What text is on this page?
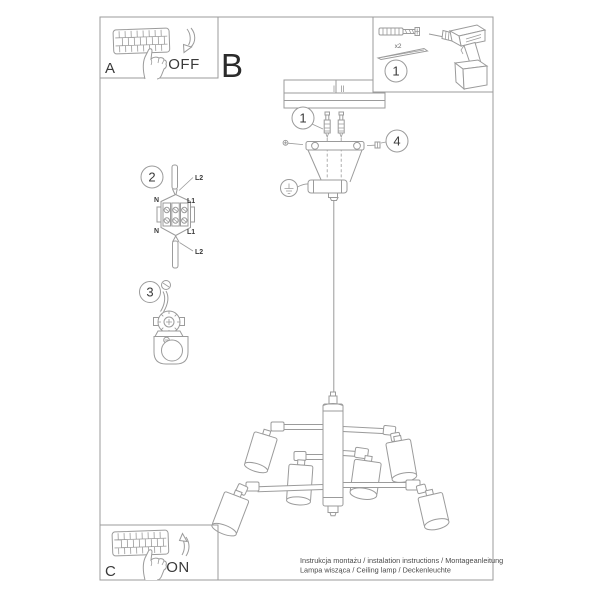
A	OFF B
x2
1
1
4
2	L2
N	L1
N	L1
L2
3
C	ON	Instrukcja montażu / instalation instructions / Montageanleitung
Lampa wisząca / Ceiling lamp / Deckenleuchte
